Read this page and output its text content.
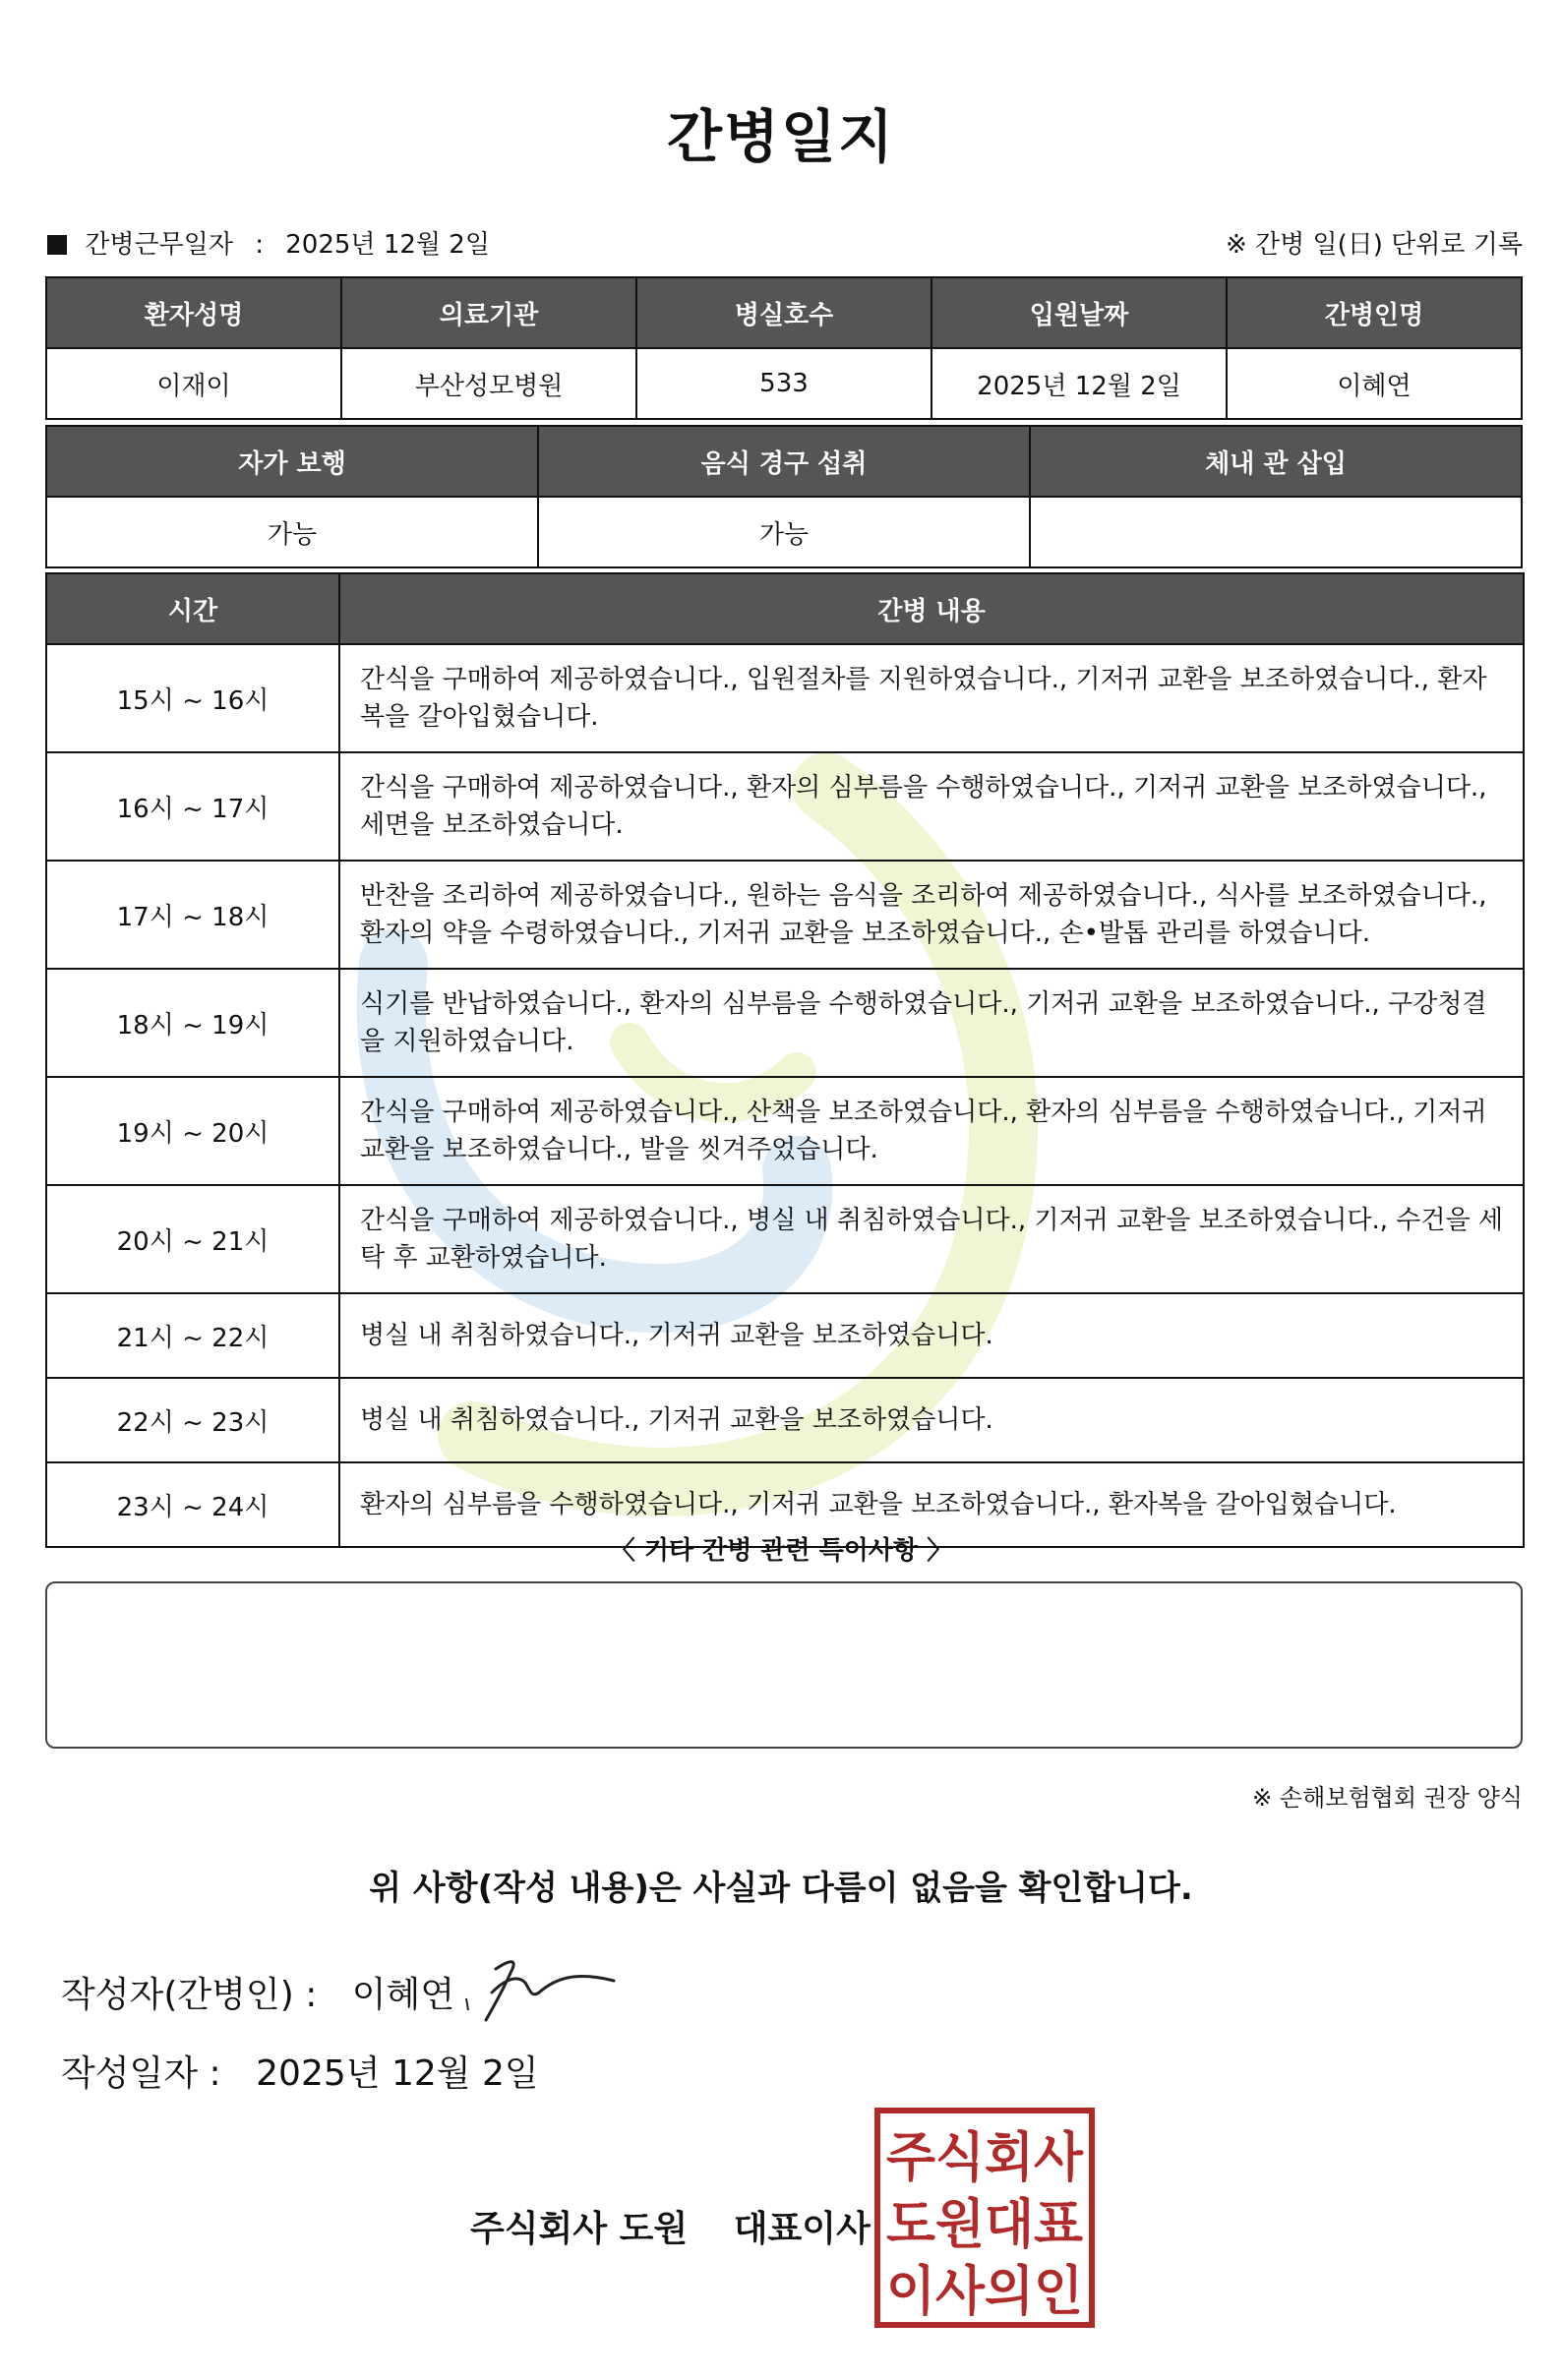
간병일지
간병근무일자 : 2025년 12월 2일	※ 간병 일(日) 단위로 기록
환자성명	의료기관	병실호수	입원날짜	간병인명
이재이	부산성모병원	533	2025년 12월 2일	이혜연
자가 보행	음식 경구 섭취	체내 관 삽입
가능	가능	
시간	간병 내용
15시 ~ 16시	간식을 구매하여 제공하였습니다., 입원절차를 지원하였습니다., 기저귀 교환을 보조하였습니다., 환자복을 갈아입혔습니다.
16시 ~ 17시	간식을 구매하여 제공하였습니다., 환자의 심부름을 수행하였습니다., 기저귀 교환을 보조하였습니다., 세면을 보조하였습니다.
17시 ~ 18시	반찬을 조리하여 제공하였습니다., 원하는 음식을 조리하여 제공하였습니다., 식사를 보조하였습니다., 환자의 약을 수령하였습니다., 기저귀 교환을 보조하였습니다., 손•발톱 관리를 하였습니다.
18시 ~ 19시	식기를 반납하였습니다., 환자의 심부름을 수행하였습니다., 기저귀 교환을 보조하였습니다., 구강청결을 지원하였습니다.
19시 ~ 20시	간식을 구매하여 제공하였습니다., 산책을 보조하였습니다., 환자의 심부름을 수행하였습니다., 기저귀 교환을 보조하였습니다., 발을 씻겨주었습니다.
20시 ~ 21시	간식을 구매하여 제공하였습니다., 병실 내 취침하였습니다., 기저귀 교환을 보조하였습니다., 수건을 세탁 후 교환하였습니다.
21시 ~ 22시	병실 내 취침하였습니다., 기저귀 교환을 보조하였습니다.
22시 ~ 23시	병실 내 취침하였습니다., 기저귀 교환을 보조하였습니다.
23시 ~ 24시	환자의 심부름을 수행하였습니다., 기저귀 교환을 보조하였습니다., 환자복을 갈아입혔습니다.
〈 기타 간병 관련 특이사항 〉
※ 손해보험협회 권장 양식
위 사항(작성 내용)은 사실과 다름이 없음을 확인합니다.
작성자(간병인) : 이혜연
작성일자 : 2025년 12월 2일
주식회사 도원 대표이사
주식회사
도원대표
이사의인
